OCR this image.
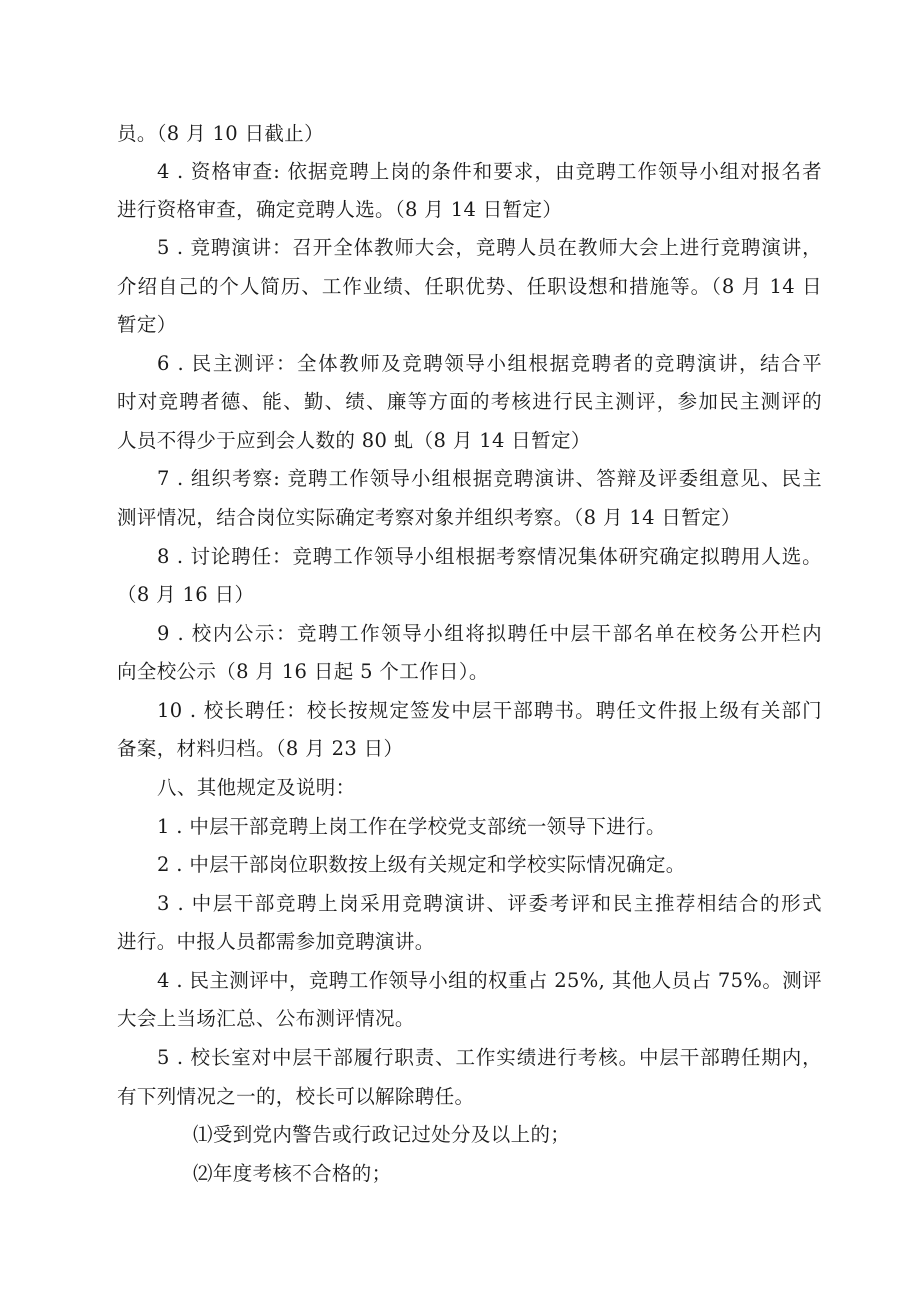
员。（8 月 10 日截止）
4 . 资格审查: 依据竞聘上岗的条件和要求，由竞聘工作领导小组对报名者
进行资格审查，确定竞聘人选。（8 月 14 日暂定）
5 . 竞聘演讲：召开全体教师大会，竞聘人员在教师大会上进行竞聘演讲，
介绍自己的个人简历、工作业绩、任职优势、任职设想和措施等。（8 月 14 日
暂定）
6 . 民主测评：全体教师及竞聘领导小组根据竞聘者的竞聘演讲，结合平
时对竞聘者德、能、勤、绩、廉等方面的考核进行民主测评，参加民主测评的
人员不得少于应到会人数的 80 虬（8 月 14 日暂定）
7 . 组织考察: 竞聘工作领导小组根据竞聘演讲、答辩及评委组意见、民主
测评情况，结合岗位实际确定考察对象并组织考察。（8 月 14 日暂定）
8 . 讨论聘任：竞聘工作领导小组根据考察情况集体研究确定拟聘用人选。
（8 月 16 日）
9 . 校内公示：竞聘工作领导小组将拟聘任中层干部名单在校务公开栏内
向全校公示（8 月 16 日起 5 个工作日）。
10 . 校长聘任：校长按规定签发中层干部聘书。聘任文件报上级有关部门
备案，材料归档。（8 月 23 日）
八、其他规定及说明：
1 . 中层干部竞聘上岗工作在学校党支部统一领导下进行。
2 . 中层干部岗位职数按上级有关规定和学校实际情况确定。
3 . 中层干部竞聘上岗采用竞聘演讲、评委考评和民主推荐相结合的形式
进行。中报人员都需参加竞聘演讲。
4 . 民主测评中，竞聘工作领导小组的权重占 25%, 其他人员占 75%。测评
大会上当场汇总、公布测评情况。
5 . 校长室对中层干部履行职责、工作实绩进行考核。中层干部聘任期内，
有下列情况之一的，校长可以解除聘任。
⑴受到党内警告或行政记过处分及以上的；
⑵年度考核不合格的；
